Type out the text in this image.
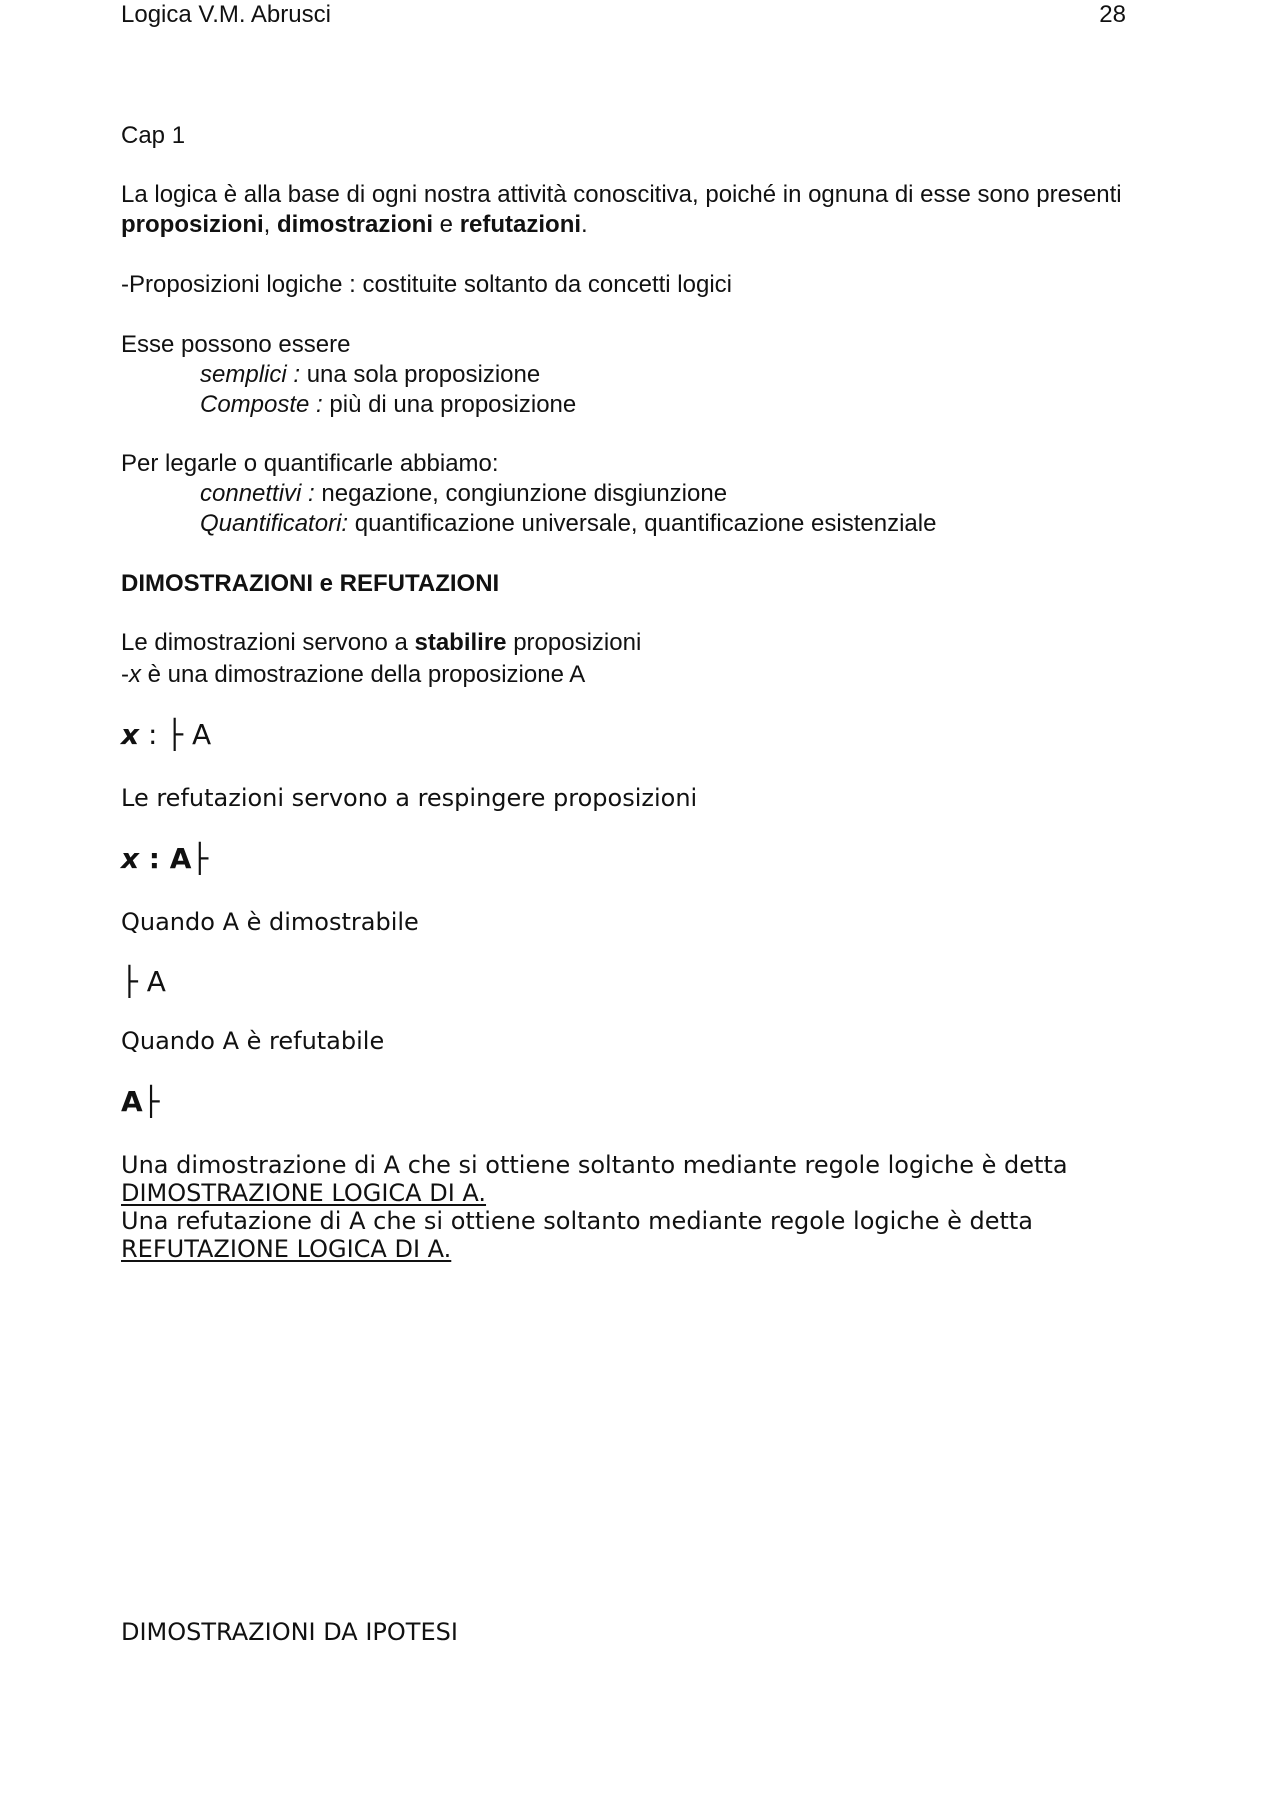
Logica V.M. Abrusci	28
Cap 1
La logica è alla base di ogni nostra attività conoscitiva, poiché in ognuna di esse sono presenti
proposizioni, dimostrazioni e refutazioni.
-Proposizioni logiche : costituite soltanto da concetti logici
Esse possono essere
semplici : una sola proposizione
Composte : più di una proposizione
Per legarle o quantificarle abbiamo:
connettivi : negazione, congiunzione disgiunzione
Quantificatori: quantificazione universale, quantificazione esistenziale
DIMOSTRAZIONI e REFUTAZIONI
Le dimostrazioni servono a stabilire proposizioni
-x è una dimostrazione della proposizione A
x : ├ A
Le refutazioni servono a respingere proposizioni
x : A├
Quando A è dimostrabile
├ A
Quando A è refutabile
A├
Una dimostrazione di A che si ottiene soltanto mediante regole logiche è detta
DIMOSTRAZIONE LOGICA DI A.
Una refutazione di A che si ottiene soltanto mediante regole logiche è detta
REFUTAZIONE LOGICA DI A.
DIMOSTRAZIONI DA IPOTESI
